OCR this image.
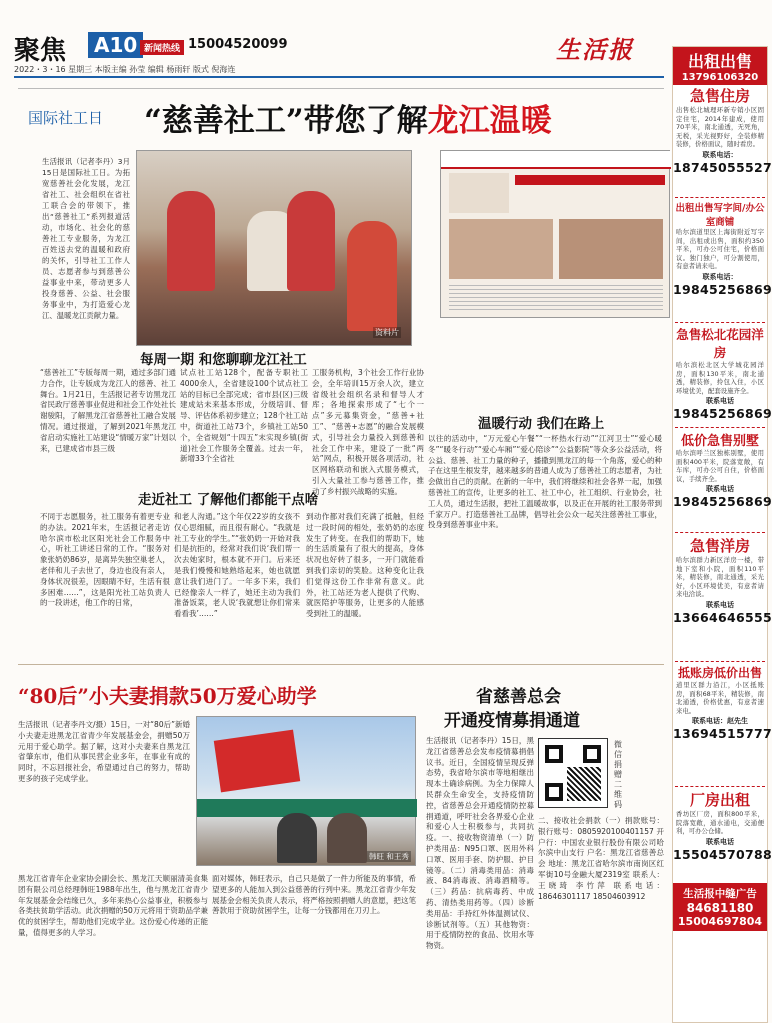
聚焦	A10 新闻热线 15004520099	生活报
2022・3・16 星期三 本版主编 孙莹 编辑 杨雨轩 版式 倪海连
国际社工日 “慈善社工”带您了解龙江温暖
生活报讯（记者李丹）3月15日是国际社工日。为拓宽慈善社会化发展，龙江省社工、社会组织在省社工联合会的带领下，推出“慈善社工”系列报道活动，市场化、社会化的慈善社工专业服务，为龙江百姓送去党的温暖和政府的关怀，引导社工工作人员、志愿者参与到慈善公益事业中来，带动更多人投身慈善、公益、社会服务事业中，为打造爱心龙江、温暖龙江贡献力量。
资料片
每周一期 和您聊聊龙江社工
“慈善社工”专版每周一期，通过多部门通力合作，让专版成为龙江人的慈善、社工舞台。1月21日，生活报记者专访黑龙江省民政厅慈善事业促进和社会工作处社长谢骏阳，了解黑龙江省慈善社工融合发展情况。通过报道，了解到2021年黑龙江省启动实施社工站建设“情暖万家”计划以来，已建成省市县三级
试点社工站128个，配备专职社工4000余人，全省建设100个试点社工站的目标已全部完成；省市县(区)三级建成站未来基本形成，分级培训、督导、评估体系初步建立；128个社工站中，街道社工站73个，乡镇社工站50个，全省规划“十四五”末实现乡镇(街道)社会工作服务全覆盖。过去一年，新增33个全省社
工服务机构，3个社会工作行业协会，全年培训15万余人次，建立省级社会组织名录和督导人才库；各地探索形成了“七个一点”多元募集资金，“慈善+社工”、“慈善+志愿”的融合发展模式，引导社会力量投入到慈善和社会工作中来，建设了一批“两站”网点，积极开展各项活动，社区网格联动和嵌入式服务模式，引入大量社工参与慈善工作，推动了乡村振兴战略的实施。
温暖行动 我们在路上
以往的活动中，“万元爱心午餐”“一杯热水行动”“江河卫士”“爱心暖冬”“暖冬行动”“爱心车厢”“爱心陪诊”“公益影院”等众多公益活动，将公益、慈善、社工力量的种子，播撒到黑龙江的每一个角落，爱心的种子在这里生根发芽，越来越多的普通人成为了慈善社工的志愿者，为社会做出自己的贡献。在新的一年中，我们将继续和社会各界一起，加强慈善社工的宣传，让更多的社工、社工中心，社工组织、行业协会，社工人员，通过生活报，把社工温暖故事，以及正在开展的社工服务带到千家万户。打造慈善社工品牌，倡导社会公众一起关注慈善社工事业，投身到慈善事业中来。
走近社工 了解他们都能干点啥
不同于志愿服务，社工服务有着更专业的办法。2021年末，生活报记者走访哈尔滨市松北区阳光社会工作服务中心，听社工讲述日常的工作。“服务对象张奶奶86岁，是离异失独空巢老人，老伴和儿子去世了，身边也没有亲人，身体状况很差，因眼睛不好，生活有很多困难……”，这是阳光社工站负责人的一段讲述，他工作的日常，
和老人沟通。”这个年仅22岁的女孩不仅心思细腻，而且很有耐心。“我就是社工专业的学生。”“张奶奶一开始对我们是抗拒的，经常对我们说‘我们帮一次去她家时，根本就不开门。后来还是我们慢慢和她熟络起来，她也就愿意让我们进门了。一年多下来，我们已经像亲人一样了，她还主动为我们准备饭菜，老人说‘我就想让你们常来看看我’……”
到动作都对我们充满了抵触，但经过一段时间的相处，张奶奶的态度发生了转变。在我们的帮助下，她的生活质量有了很大的提高，身体状况也好转了很多，一开门就能看到我们亲切的笑脸。这种变化让我们觉得这份工作非常有意义。此外，社工站还为老人提供了代购、就医陪护等服务，让更多的人能感受到社工的温暖。
“80后”小夫妻捐款50万爱心助学
生活报讯（记者李丹文/摄）15日，一对“80后”新婚小夫妻走进黑龙江省青少年发展基金会，捐赠50万元用于爱心助学。据了解，这对小夫妻来自黑龙江省肇东市，他们从事民营企业多年，在事业有成的同时，不忘回报社会，希望通过自己的努力，帮助更多的孩子完成学业。
韩旺 和王秀
黑龙江省青年企业家协会副会长、黑龙江天顺丽清美食集团有限公司总经理韩旺1988年出生，他与黑龙江省青少年发展基金会结缘已久，多年来热心公益事业，积极参与各类扶贫助学活动。此次捐赠的50万元将用于资助品学兼优的贫困学生，帮助他们完成学业。这份爱心传递的正能量，值得更多的人学习。
面对媒体，韩旺表示，自己只是做了一件力所能及的事情，希望更多的人能加入到公益慈善的行列中来。黑龙江省青少年发展基金会相关负责人表示，将严格按照捐赠人的意愿，把这笔善款用于资助贫困学生，让每一分钱都用在刀刃上。
省慈善总会
开通疫情募捐通道
生活报讯（记者李丹）15日，黑龙江省慈善总会发布疫情募捐倡议书。近日，全国疫情呈现反弹态势，我省哈尔滨市等地相继出现本土确诊病例。为全力保障人民群众生命安全，支持疫情防控，省慈善总会开通疫情防控募捐通道，呼吁社会各界爱心企业和爱心人士积极参与，共同抗疫。一、接收物资清单（一）防护类用品：N95口罩、医用外科口罩、医用手套、防护服、护目镜等。（二）消毒类用品：消毒液、84消毒液、消毒酒精等。（三）药品：抗病毒药、中成药、清热类用药等。（四）诊断类用品：手持红外体温测试仪、诊断试剂等。（五）其他物资：用于疫情防控的食品、饮用水等物资。
微信捐赠二维码
二、接收社会捐款（一）捐款账号：银行账号：0805920100401157 开户行：中国农业银行股份有限公司哈尔滨中山支行 户名：黑龙江省慈善总会 地址：黑龙江省哈尔滨市南岗区红军街10号金融大厦2319室 联系人：王晓琦 李竹萍 联系电话：18646301117 18504603912
出租出售
13796106320
急售住房
出售松北城理环新专销小区固定住宅，2014年建成，使用70平米，南北通透，无死角，无税，采光视野好，全装修精装修，价格面议，随时看房。
联系电话：
18745055527
出租出售写字间/办公室商铺
哈尔滨道里区上海街附近写字间，出租或出售，面积约350平米，可办公可住宅，价格面议。独门独户，可分割使用，有意者请来电。
联系电话：
19845256869
急售松北花园洋房
哈尔滨松北区大学城花园洋房，面积130平米，南北通透，精装修，拎包入住，小区环境优美，配套设施齐全。
联系电话
19845256869
低价急售别墅
哈尔滨呼兰区独栋别墅，使用面积400平米，院落宽敞，有车库，可办公可自住，价格面议，手续齐全。
联系电话
19845256869
急售洋房
哈尔滨群力新区洋房一楼，带地下室和小院，面积110平米，精装修，南北通透，采光好，小区环境优美，有意者请来电洽谈。
联系电话
13664646555
抵账房低价出售
道里区群力沿江，小区抵账房，面积68平米，精装修，南北通透，价格优惠，有意者速来电。
联系电话：赵先生
13694515777
厂房出租
香坊区厂房，面积800平米，院落宽敞，通水通电，交通便利，可办公仓储。
联系电话
15504570788
生活报中缝广告
84681180
15004697804
